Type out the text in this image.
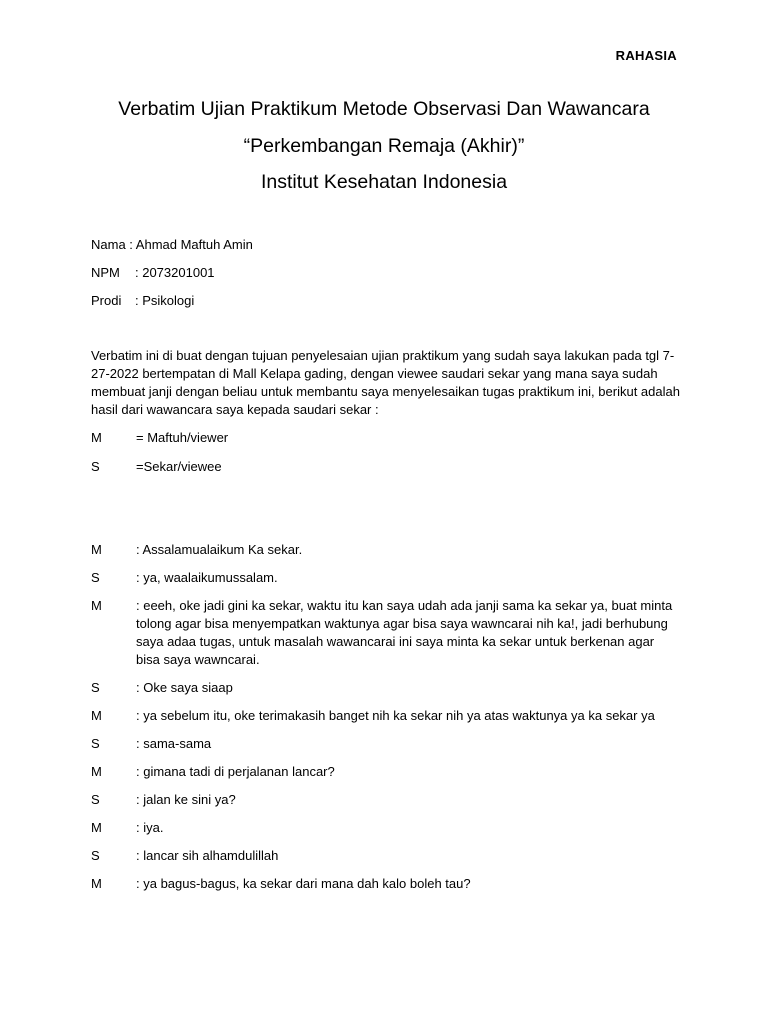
RAHASIA
Verbatim Ujian Praktikum Metode Observasi Dan Wawancara
“Perkembangan Remaja (Akhir)”
Institut Kesehatan Indonesia
Nama : Ahmad Maftuh Amin
NPM : 2073201001
Prodi : Psikologi
Verbatim ini di buat dengan tujuan penyelesaian ujian praktikum yang sudah saya lakukan pada tgl 7-27-2022 bertempatan di Mall Kelapa gading, dengan viewee saudari sekar yang mana saya sudah membuat janji dengan beliau untuk membantu saya menyelesaikan tugas praktikum ini, berikut adalah hasil dari wawancara saya kepada saudari sekar :
M	= Maftuh/viewer
S	=Sekar/viewee
M	: Assalamualaikum Ka sekar.
S	: ya, waalaikumussalam.
M	: eeeh, oke jadi gini ka sekar, waktu itu kan saya udah ada janji sama ka sekar ya, buat minta tolong agar bisa menyempatkan waktunya agar bisa saya wawncarai nih ka!, jadi berhubung saya adaa tugas, untuk masalah wawancarai ini saya minta ka sekar untuk berkenan agar bisa saya wawncarai.
S	: Oke saya siaap
M	: ya sebelum itu, oke terimakasih banget nih ka sekar nih ya atas waktunya ya ka sekar ya
S	: sama-sama
M	: gimana tadi di perjalanan lancar?
S	: jalan ke sini ya?
M	: iya.
S	: lancar sih alhamdulillah
M	: ya bagus-bagus, ka sekar dari mana dah kalo boleh tau?
